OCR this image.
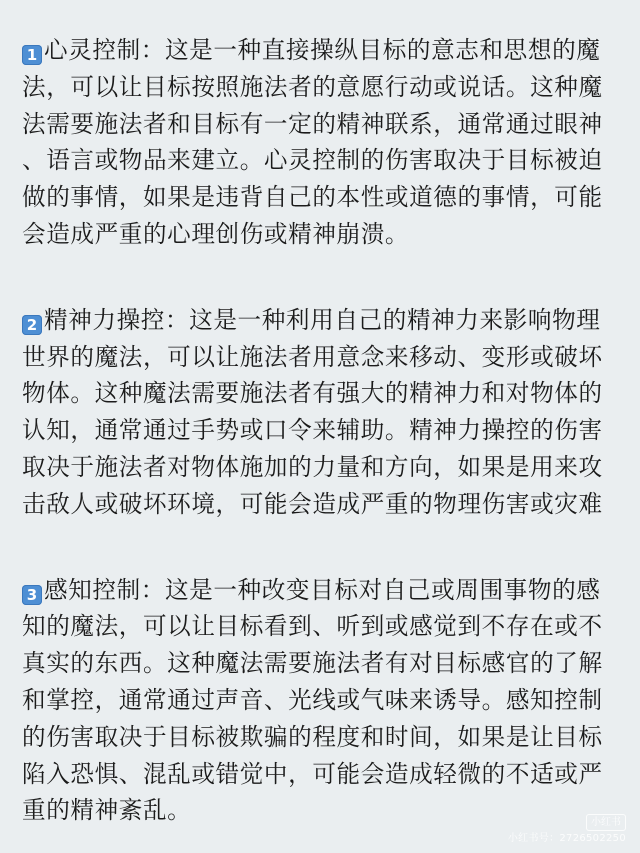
1 心灵控制：这是一种直接操纵目标的意志和思想的魔
法，可以让目标按照施法者的意愿行动或说话。这种魔
法需要施法者和目标有一定的精神联系，通常通过眼神
、语言或物品来建立。心灵控制的伤害取决于目标被迫
做的事情，如果是违背自己的本性或道德的事情，可能
会造成严重的心理创伤或精神崩溃。
2 精神力操控：这是一种利用自己的精神力来影响物理
世界的魔法，可以让施法者用意念来移动、变形或破坏
物体。这种魔法需要施法者有强大的精神力和对物体的
认知，通常通过手势或口令来辅助。精神力操控的伤害
取决于施法者对物体施加的力量和方向，如果是用来攻
击敌人或破坏环境，可能会造成严重的物理伤害或灾难
3 感知控制：这是一种改变目标对自己或周围事物的感
知的魔法，可以让目标看到、听到或感觉到不存在或不
真实的东西。这种魔法需要施法者有对目标感官的了解
和掌控，通常通过声音、光线或气味来诱导。感知控制
的伤害取决于目标被欺骗的程度和时间，如果是让目标
陷入恐惧、混乱或错觉中，可能会造成轻微的不适或严
重的精神紊乱。	小红书
小红书号：2726502250
